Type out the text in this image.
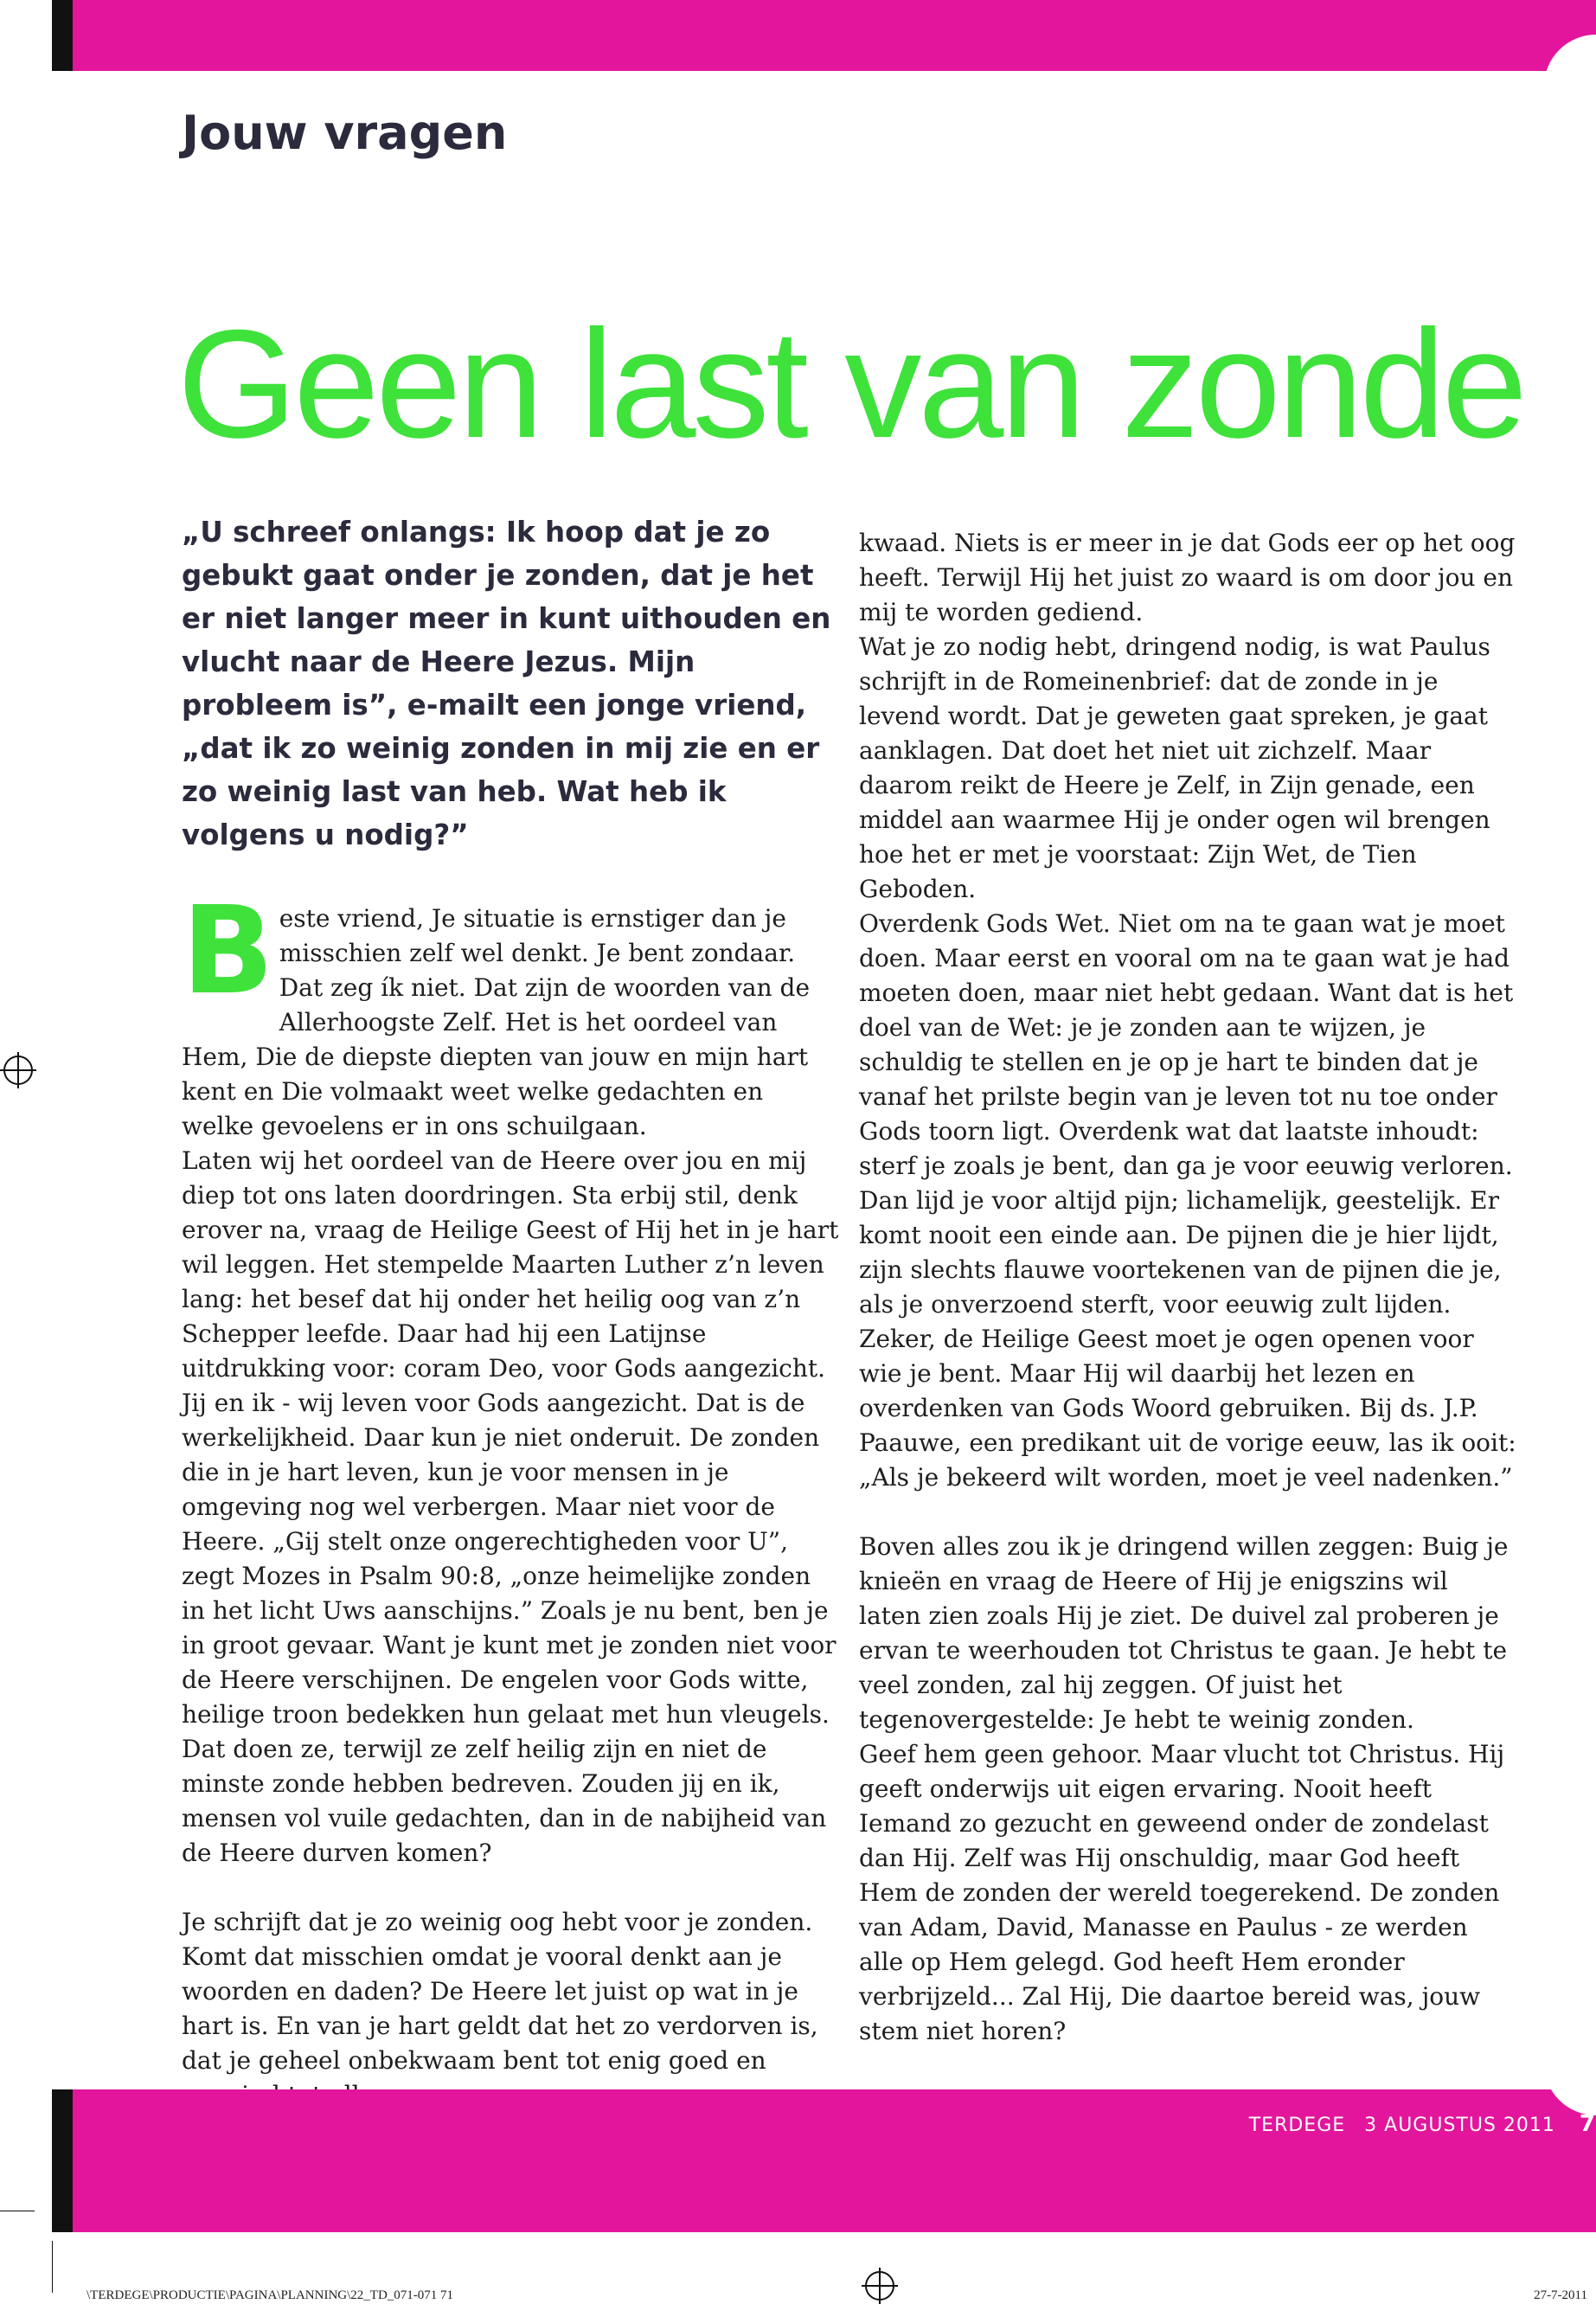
Jouw vragen
Geen last van zonde

„U schreef onlangs: Ik hoop dat je zo gebukt gaat onder je zonden, dat je het er niet langer meer in kunt uithouden en vlucht naar de Heere Jezus. Mijn probleem is”, e-mailt een jonge vriend, „dat ik zo weinig zonden in mij zie en er zo weinig last van heb. Wat heb ik volgens u nodig?”

Beste vriend, Je situatie is ernstiger dan je misschien zelf wel denkt. Je bent zondaar. Dat zeg ík niet. Dat zijn de woorden van de Allerhoogste Zelf. Het is het oordeel van Hem, Die de diepste diepten van jouw en mijn hart kent en Die volmaakt weet welke gedachten en welke gevoelens er in ons schuilgaan.

Laten wij het oordeel van de Heere over jou en mij diep tot ons laten doordringen. Sta erbij stil, denk erover na, vraag de Heilige Geest of Hij het in je hart wil leggen. Het stempelde Maarten Luther z’n leven lang: het besef dat hij onder het heilig oog van z’n Schepper leefde. Daar had hij een Latijnse uitdrukking voor: coram Deo, voor Gods aangezicht.

Jij en ik - wij leven voor Gods aangezicht. Dat is de werkelijkheid. Daar kun je niet onderuit. De zonden die in je hart leven, kun je voor mensen in je omgeving nog wel verbergen. Maar niet voor de Heere. „Gij stelt onze ongerechtigheden voor U”, zegt Mozes in Psalm 90:8, „onze heimelijke zonden in het licht Uws aanschijns.” Zoals je nu bent, ben je in groot gevaar. Want je kunt met je zonden niet voor de Heere verschijnen. De engelen voor Gods witte, heilige troon bedekken hun gelaat met hun vleugels. Dat doen ze, terwijl ze zelf heilig zijn en niet de minste zonde hebben bedreven. Zouden jij en ik, mensen vol vuile gedachten, dan in de nabijheid van de Heere durven komen?

Je schrijft dat je zo weinig oog hebt voor je zonden. Komt dat misschien omdat je vooral denkt aan je woorden en daden? De Heere let juist op wat in je hart is. En van je hart geldt dat het zo verdorven is, dat je geheel onbekwaam bent tot enig goed en

kwaad. Niets is er meer in je dat Gods eer op het oog heeft. Terwijl Hij het juist zo waard is om door jou en mij te worden gediend.

Wat je zo nodig hebt, dringend nodig, is wat Paulus schrijft in de Romeinenbrief: dat de zonde in je levend wordt. Dat je geweten gaat spreken, je gaat aanklagen. Dat doet het niet uit zichzelf. Maar daarom reikt de Heere je Zelf, in Zijn genade, een middel aan waarmee Hij je onder ogen wil brengen hoe het er met je voorstaat: Zijn Wet, de Tien Geboden.

Overdenk Gods Wet. Niet om na te gaan wat je moet doen. Maar eerst en vooral om na te gaan wat je had moeten doen, maar niet hebt gedaan. Want dat is het doel van de Wet: je je zonden aan te wijzen, je schuldig te stellen en je op je hart te binden dat je vanaf het prilste begin van je leven tot nu toe onder Gods toorn ligt. Overdenk wat dat laatste inhoudt: sterf je zoals je bent, dan ga je voor eeuwig verloren. Dan lijd je voor altijd pijn; lichamelijk, geestelijk. Er komt nooit een einde aan. De pijnen die je hier lijdt, zijn slechts flauwe voortekenen van de pijnen die je, als je onverzoend sterft, voor eeuwig zult lijden.

Zeker, de Heilige Geest moet je ogen openen voor wie je bent. Maar Hij wil daarbij het lezen en overdenken van Gods Woord gebruiken. Bij ds. J.P. Paauwe, een predikant uit de vorige eeuw, las ik ooit: „Als je bekeerd wilt worden, moet je veel nadenken.”

Boven alles zou ik je dringend willen zeggen: Buig je knieën en vraag de Heere of Hij je enigszins wil laten zien zoals Hij je ziet. De duivel zal proberen je ervan te weerhouden tot Christus te gaan. Je hebt te veel zonden, zal hij zeggen. Of juist het tegenovergestelde: Je hebt te weinig zonden.

Geef hem geen gehoor. Maar vlucht tot Christus. Hij geeft onderwijs uit eigen ervaring. Nooit heeft Iemand zo gezucht en geweend onder de zondelast dan Hij. Zelf was Hij onschuldig, maar God heeft Hem de zonden der wereld toegerekend. De zonden van Adam, David, Manasse en Paulus - ze werden alle op Hem gelegd. God heeft Hem eronder verbrijzeld... Zal Hij, Die daartoe bereid was, jouw stem niet horen?

TERDEGE 3 AUGUSTUS 2011 7
\TERDEGE\PRODUCTIE\PAGINA\PLANNING\22_TD_071-071 71	27-7-2011
